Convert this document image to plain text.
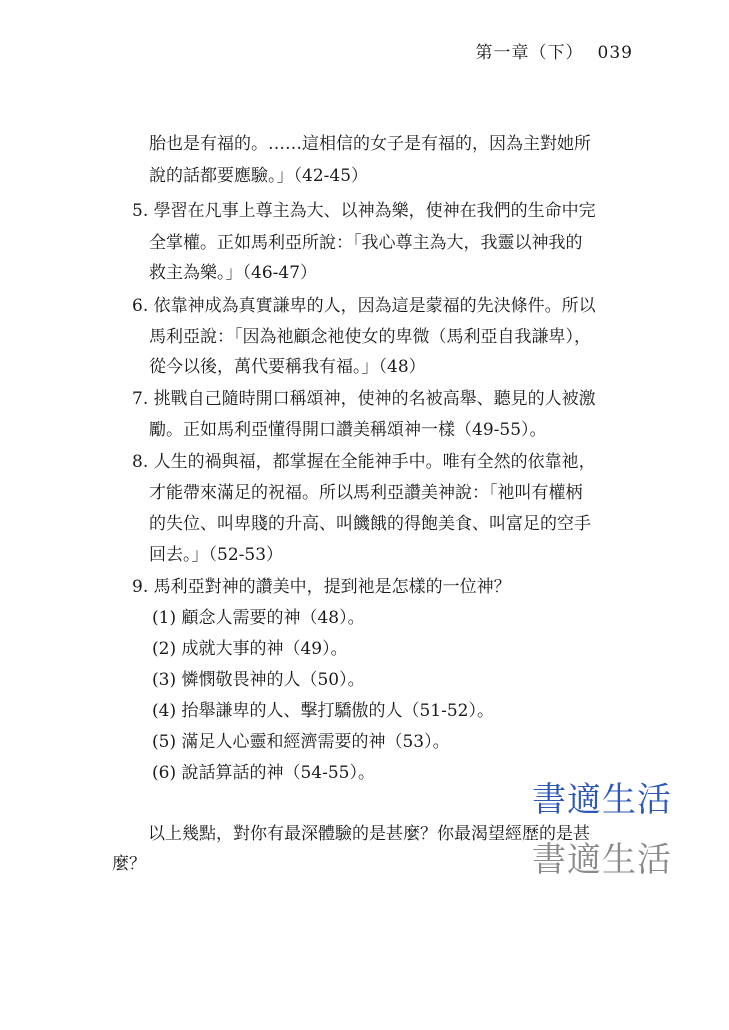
第一章（下） 039
胎也是有福的。……這相信的女子是有福的，因為主對她所
說的話都要應驗。」（42-45）
5. 學習在凡事上尊主為大、以神為樂，使神在我們的生命中完
全掌權。正如馬利亞所說：「我心尊主為大，我靈以神我的
救主為樂。」（46-47）
6. 依靠神成為真實謙卑的人，因為這是蒙福的先決條件。所以
馬利亞說：「因為祂顧念祂使女的卑微（馬利亞自我謙卑），
從今以後，萬代要稱我有福。」（48）
7. 挑戰自己隨時開口稱頌神，使神的名被高舉、聽見的人被激
勵。正如馬利亞懂得開口讚美稱頌神一樣（49-55）。
8. 人生的禍與福，都掌握在全能神手中。唯有全然的依靠祂，
才能帶來滿足的祝福。所以馬利亞讚美神說：「祂叫有權柄
的失位、叫卑賤的升高、叫饑餓的得飽美食、叫富足的空手
回去。」（52-53）
9. 馬利亞對神的讚美中，提到祂是怎樣的一位神？
(1) 顧念人需要的神（48）。
(2) 成就大事的神（49）。
(3) 憐憫敬畏神的人（50）。
(4) 抬舉謙卑的人、擊打驕傲的人（51-52）。
(5) 滿足人心靈和經濟需要的神（53）。
(6) 說話算話的神（54-55）。
以上幾點，對你有最深體驗的是甚麼？你最渴望經歷的是甚
麼？
書適生活
書適生活
